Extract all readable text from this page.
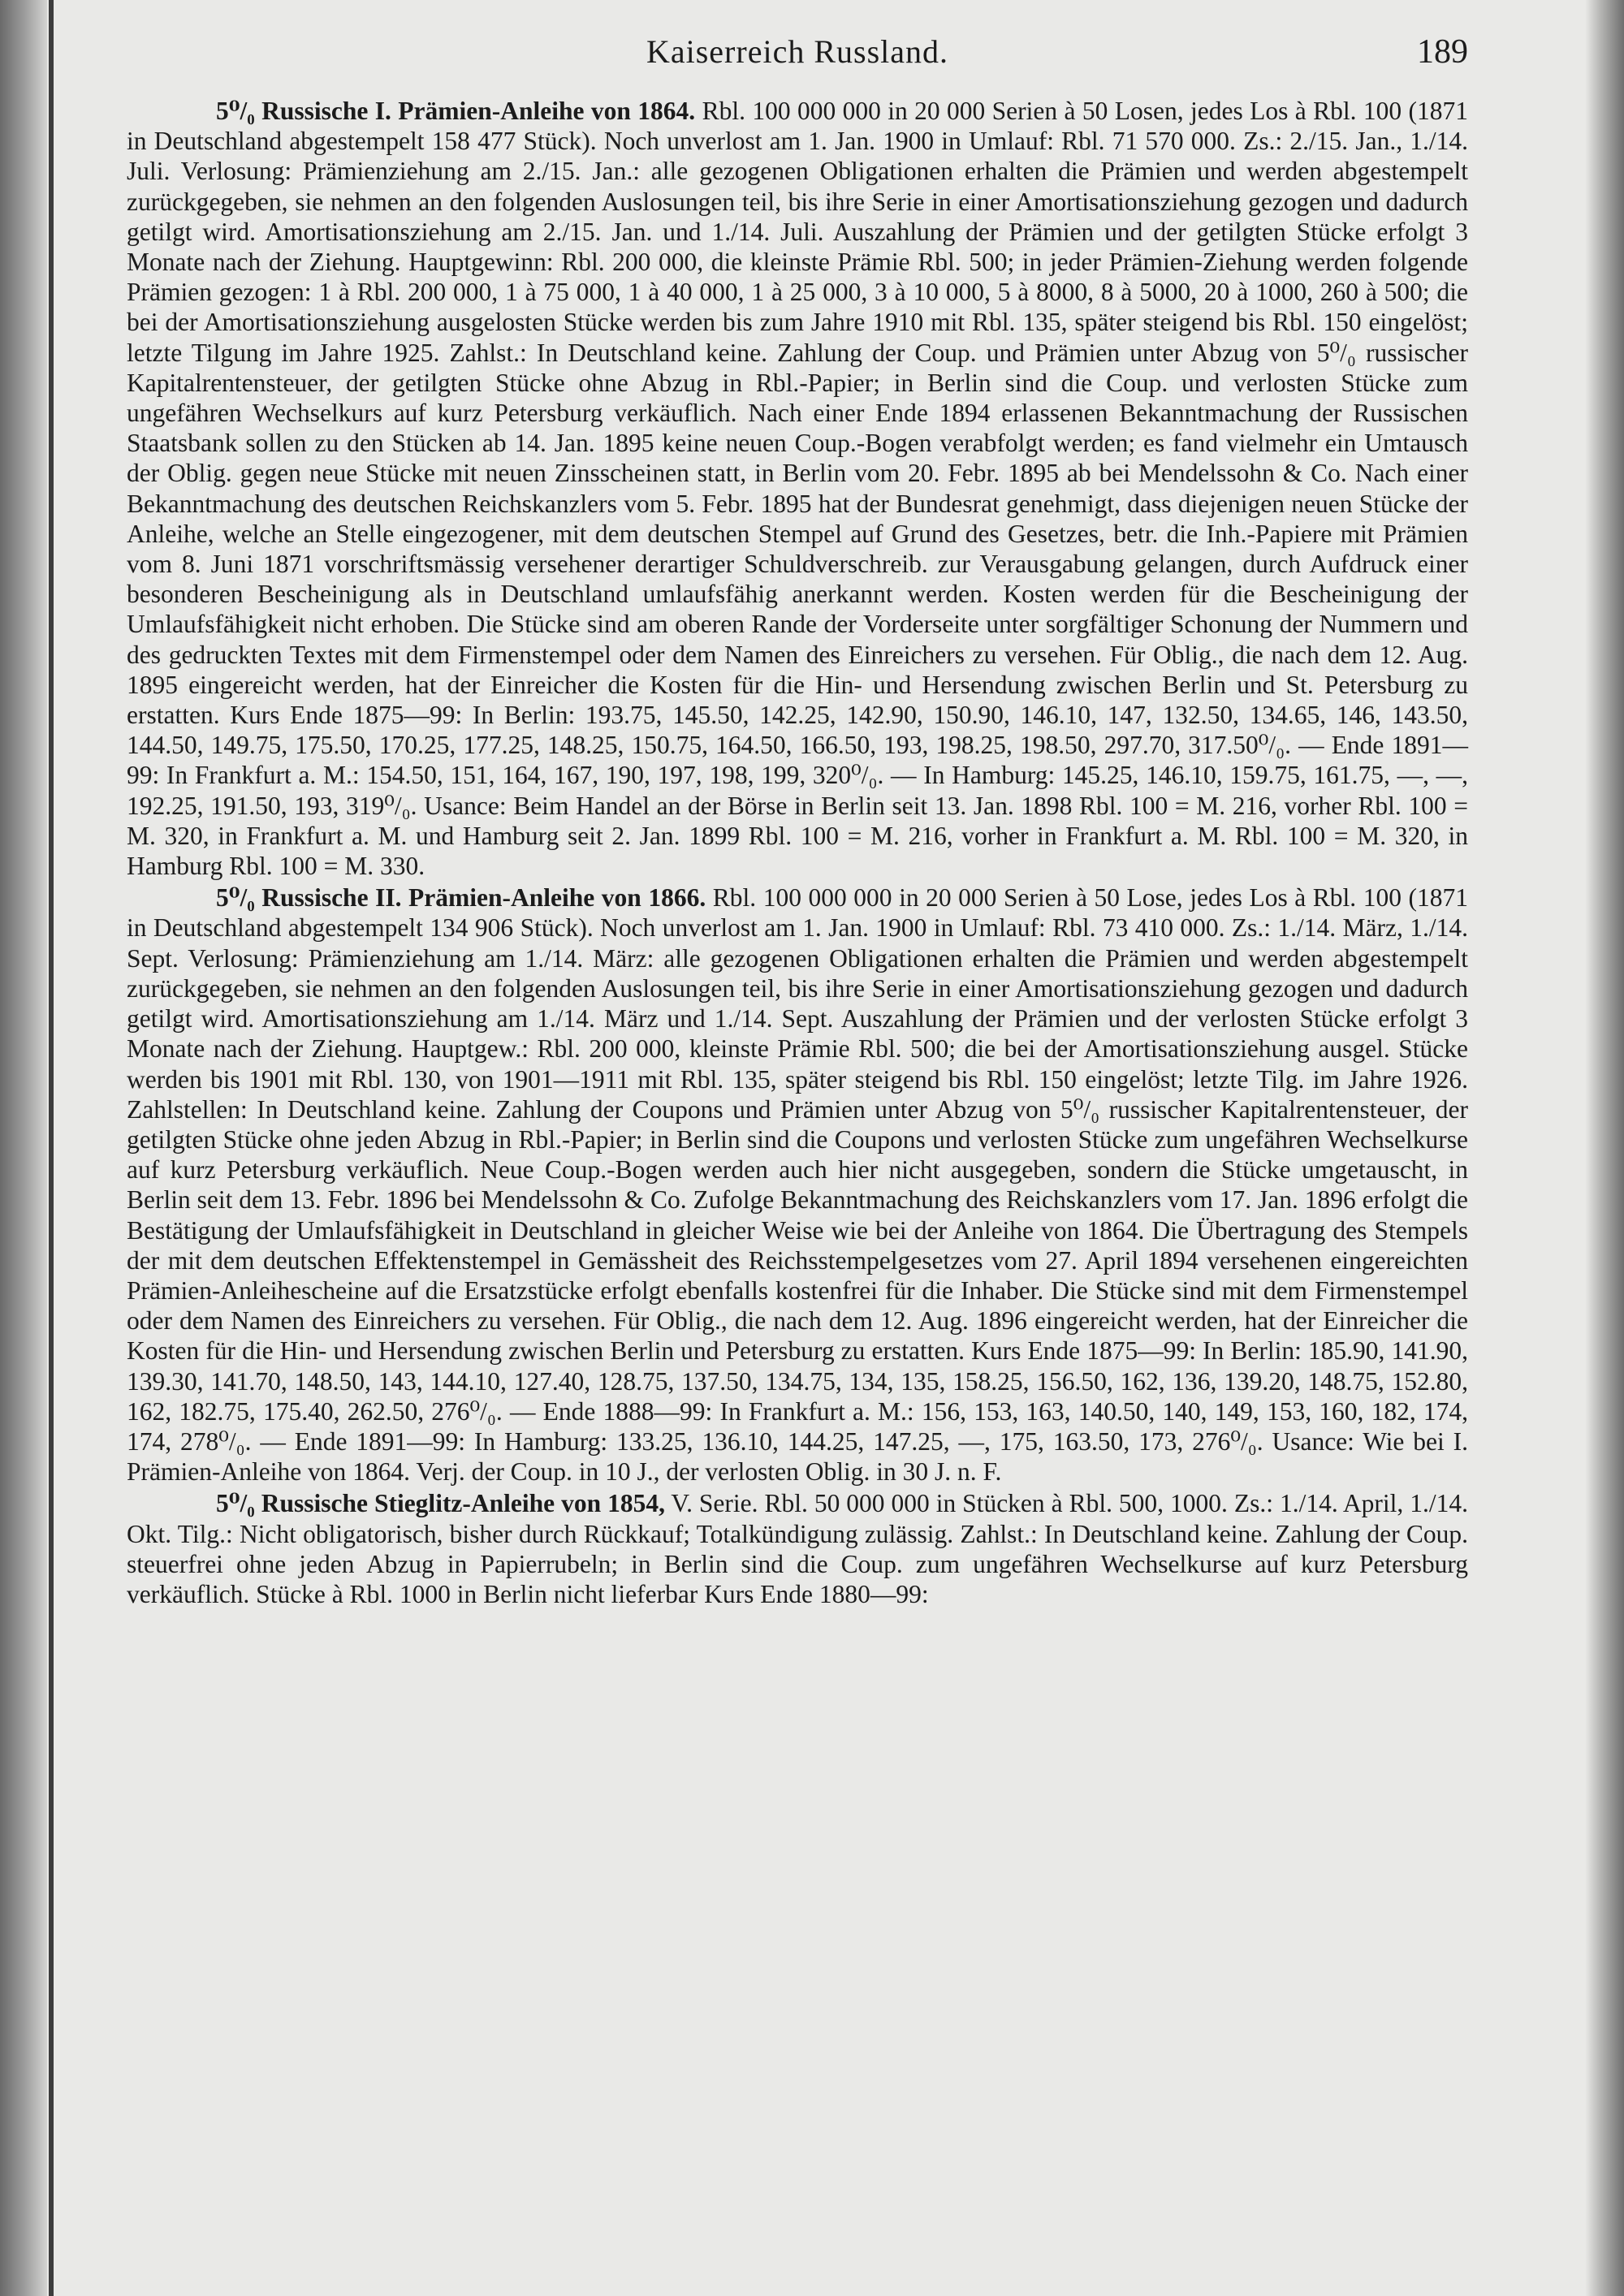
Kaiserreich Russland.	189

5⁰/₀ Russische I. Prämien-Anleihe von 1864. Rbl. 100 000 000 in 20 000 Serien à 50 Losen, jedes Los à Rbl. 100 (1871 in Deutschland abgestempelt 158 477 Stück). Noch unverlost am 1. Jan. 1900 in Umlauf: Rbl. 71 570 000. Zs.: 2./15. Jan., 1./14. Juli. Verlosung: Prämienziehung am 2./15. Jan.: alle gezogenen Obligationen erhalten die Prämien und werden abgestempelt zurückgegeben, sie nehmen an den folgenden Auslosungen teil, bis ihre Serie in einer Amortisationsziehung gezogen und dadurch getilgt wird. Amortisationsziehung am 2./15. Jan. und 1./14. Juli. Auszahlung der Prämien und der getilgten Stücke erfolgt 3 Monate nach der Ziehung. Hauptgewinn: Rbl. 200 000, die kleinste Prämie Rbl. 500; in jeder Prämien-Ziehung werden folgende Prämien gezogen: 1 à Rbl. 200 000, 1 à 75 000, 1 à 40 000, 1 à 25 000, 3 à 10 000, 5 à 8000, 8 à 5000, 20 à 1000, 260 à 500; die bei der Amortisationsziehung ausgelosten Stücke werden bis zum Jahre 1910 mit Rbl. 135, später steigend bis Rbl. 150 eingelöst; letzte Tilgung im Jahre 1925. Zahlst.: In Deutschland keine. Zahlung der Coup. und Prämien unter Abzug von 5⁰/₀ russischer Kapitalrentensteuer, der getilgten Stücke ohne Abzug in Rbl.-Papier; in Berlin sind die Coup. und verlosten Stücke zum ungefähren Wechselkurs auf kurz Petersburg verkäuflich. Nach einer Ende 1894 erlassenen Bekanntmachung der Russischen Staatsbank sollen zu den Stücken ab 14. Jan. 1895 keine neuen Coup.-Bogen verabfolgt werden; es fand vielmehr ein Umtausch der Oblig. gegen neue Stücke mit neuen Zinsscheinen statt, in Berlin vom 20. Febr. 1895 ab bei Mendelssohn & Co. Nach einer Bekanntmachung des deutschen Reichskanzlers vom 5. Febr. 1895 hat der Bundesrat genehmigt, dass diejenigen neuen Stücke der Anleihe, welche an Stelle eingezogener, mit dem deutschen Stempel auf Grund des Gesetzes, betr. die Inh.-Papiere mit Prämien vom 8. Juni 1871 vorschriftsmässig versehener derartiger Schuldverschreib. zur Verausgabung gelangen, durch Aufdruck einer besonderen Bescheinigung als in Deutschland umlaufsfähig anerkannt werden. Kosten werden für die Bescheinigung der Umlaufsfähigkeit nicht erhoben. Die Stücke sind am oberen Rande der Vorderseite unter sorgfältiger Schonung der Nummern und des gedruckten Textes mit dem Firmenstempel oder dem Namen des Einreichers zu versehen. Für Oblig., die nach dem 12. Aug. 1895 eingereicht werden, hat der Einreicher die Kosten für die Hin- und Hersendung zwischen Berlin und St. Petersburg zu erstatten. Kurs Ende 1875—99: In Berlin: 193.75, 145.50, 142.25, 142.90, 150.90, 146.10, 147, 132.50, 134.65, 146, 143.50, 144.50, 149.75, 175.50, 170.25, 177.25, 148.25, 150.75, 164.50, 166.50, 193, 198.25, 198.50, 297.70, 317.50⁰/₀. — Ende 1891—99: In Frankfurt a. M.: 154.50, 151, 164, 167, 190, 197, 198, 199, 320⁰/₀. — In Hamburg: 145.25, 146.10, 159.75, 161.75, —, —, 192.25, 191.50, 193, 319⁰/₀. Usance: Beim Handel an der Börse in Berlin seit 13. Jan. 1898 Rbl. 100 = M. 216, vorher Rbl. 100 = M. 320, in Frankfurt a. M. und Hamburg seit 2. Jan. 1899 Rbl. 100 = M. 216, vorher in Frankfurt a. M. Rbl. 100 = M. 320, in Hamburg Rbl. 100 = M. 330.

5⁰/₀ Russische II. Prämien-Anleihe von 1866. Rbl. 100 000 000 in 20 000 Serien à 50 Lose, jedes Los à Rbl. 100 (1871 in Deutschland abgestempelt 134 906 Stück). Noch unverlost am 1. Jan. 1900 in Umlauf: Rbl. 73 410 000. Zs.: 1./14. März, 1./14. Sept. Verlosung: Prämienziehung am 1./14. März: alle gezogenen Obligationen erhalten die Prämien und werden abgestempelt zurückgegeben, sie nehmen an den folgenden Auslosungen teil, bis ihre Serie in einer Amortisationsziehung gezogen und dadurch getilgt wird. Amortisationsziehung am 1./14. März und 1./14. Sept. Auszahlung der Prämien und der verlosten Stücke erfolgt 3 Monate nach der Ziehung. Hauptgew.: Rbl. 200 000, kleinste Prämie Rbl. 500; die bei der Amortisationsziehung ausgel. Stücke werden bis 1901 mit Rbl. 130, von 1901—1911 mit Rbl. 135, später steigend bis Rbl. 150 eingelöst; letzte Tilg. im Jahre 1926. Zahlstellen: In Deutschland keine. Zahlung der Coupons und Prämien unter Abzug von 5⁰/₀ russischer Kapitalrentensteuer, der getilgten Stücke ohne jeden Abzug in Rbl.-Papier; in Berlin sind die Coupons und verlosten Stücke zum ungefähren Wechselkurse auf kurz Petersburg verkäuflich. Neue Coup.-Bogen werden auch hier nicht ausgegeben, sondern die Stücke umgetauscht, in Berlin seit dem 13. Febr. 1896 bei Mendelssohn & Co. Zufolge Bekanntmachung des Reichskanzlers vom 17. Jan. 1896 erfolgt die Bestätigung der Umlaufsfähigkeit in Deutschland in gleicher Weise wie bei der Anleihe von 1864. Die Übertragung des Stempels der mit dem deutschen Effektenstempel in Gemässheit des Reichsstempelgesetzes vom 27. April 1894 versehenen eingereichten Prämien-Anleihescheine auf die Ersatzstücke erfolgt ebenfalls kostenfrei für die Inhaber. Die Stücke sind mit dem Firmenstempel oder dem Namen des Einreichers zu versehen. Für Oblig., die nach dem 12. Aug. 1896 eingereicht werden, hat der Einreicher die Kosten für die Hin- und Hersendung zwischen Berlin und Petersburg zu erstatten. Kurs Ende 1875—99: In Berlin: 185.90, 141.90, 139.30, 141.70, 148.50, 143, 144.10, 127.40, 128.75, 137.50, 134.75, 134, 135, 158.25, 156.50, 162, 136, 139.20, 148.75, 152.80, 162, 182.75, 175.40, 262.50, 276⁰/₀. — Ende 1888—99: In Frankfurt a. M.: 156, 153, 163, 140.50, 140, 149, 153, 160, 182, 174, 174, 278⁰/₀. — Ende 1891—99: In Hamburg: 133.25, 136.10, 144.25, 147.25, —, 175, 163.50, 173, 276⁰/₀. Usance: Wie bei I. Prämien-Anleihe von 1864. Verj. der Coup. in 10 J., der verlosten Oblig. in 30 J. n. F.

5⁰/₀ Russische Stieglitz-Anleihe von 1854, V. Serie. Rbl. 50 000 000 in Stücken à Rbl. 500, 1000. Zs.: 1./14. April, 1./14. Okt. Tilg.: Nicht obligatorisch, bisher durch Rückkauf; Totalkündigung zulässig. Zahlst.: In Deutschland keine. Zahlung der Coup. steuerfrei ohne jeden Abzug in Papierrubeln; in Berlin sind die Coup. zum ungefähren Wechselkurse auf kurz Petersburg verkäuflich. Stücke à Rbl. 1000 in Berlin nicht lieferbar Kurs Ende 1880—99:
